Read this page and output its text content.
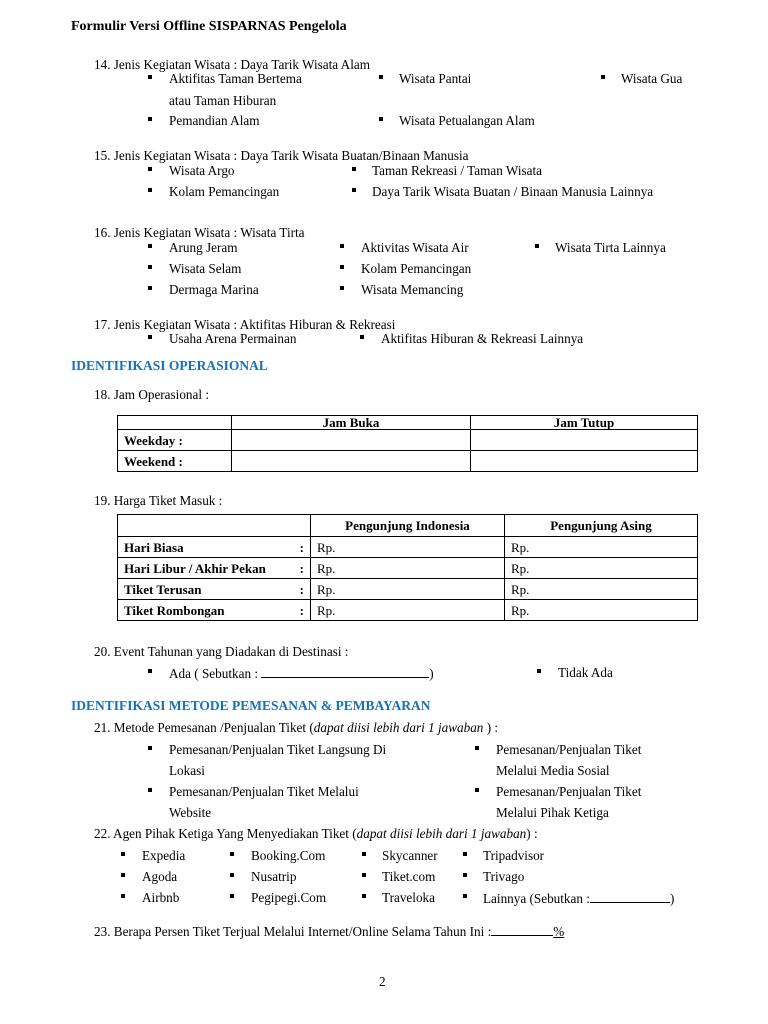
Formulir Versi Offline SISPARNAS Pengelola
14. Jenis Kegiatan Wisata : Daya Tarik Wisata Alam
Aktifitas Taman Bertema
atau Taman Hiburan
Wisata Pantai	Wisata Gua
Pemandian Alam	Wisata Petualangan Alam
15. Jenis Kegiatan Wisata : Daya Tarik Wisata Buatan/Binaan Manusia
Wisata Argo	Taman Rekreasi / Taman Wisata
Kolam Pemancingan	Daya Tarik Wisata Buatan / Binaan Manusia Lainnya
16. Jenis Kegiatan Wisata : Wisata Tirta
Arung Jeram	Aktivitas Wisata Air	Wisata Tirta Lainnya
Wisata Selam	Kolam Pemancingan
Dermaga Marina	Wisata Memancing
17. Jenis Kegiatan Wisata : Aktifitas Hiburan & Rekreasi
Usaha Arena Permainan	Aktifitas Hiburan & Rekreasi Lainnya
IDENTIFIKASI OPERASIONAL
18. Jam Operasional :
	Jam Buka	Jam Tutup
Weekday :		
Weekend :		
19. Harga Tiket Masuk :
	Pengunjung Indonesia	Pengunjung Asing

Hari Biasa :	Rp.	Rp.

Hari Libur / Akhir Pekan :	Rp.	Rp.

Tiket Terusan :	Rp.	Rp.

Tiket Rombongan :	Rp.	Rp.
20. Event Tahunan yang Diadakan di Destinasi :
Ada ( Sebutkan :	)	Tidak Ada
IDENTIFIKASI METODE PEMESANAN & PEMBAYARAN
21. Metode Pemesanan /Penjualan Tiket (dapat diisi lebih dari 1 jawaban ) :
Pemesanan/Penjualan Tiket Langsung Di
Lokasi
Pemesanan/Penjualan Tiket
Melalui Media Sosial
Pemesanan/Penjualan Tiket Melalui
Website
Pemesanan/Penjualan Tiket
Melalui Pihak Ketiga
22. Agen Pihak Ketiga Yang Menyediakan Tiket (dapat diisi lebih dari 1 jawaban) :
Expedia	Booking.Com	Skycanner	Tripadvisor
Agoda	Nusatrip	Tiket.com	Trivago
Airbnb	Pegipegi.Com	Traveloka	Lainnya (Sebutkan :	)
23. Berapa Persen Tiket Terjual Melalui Internet/Online Selama Tahun Ini :	%
2
